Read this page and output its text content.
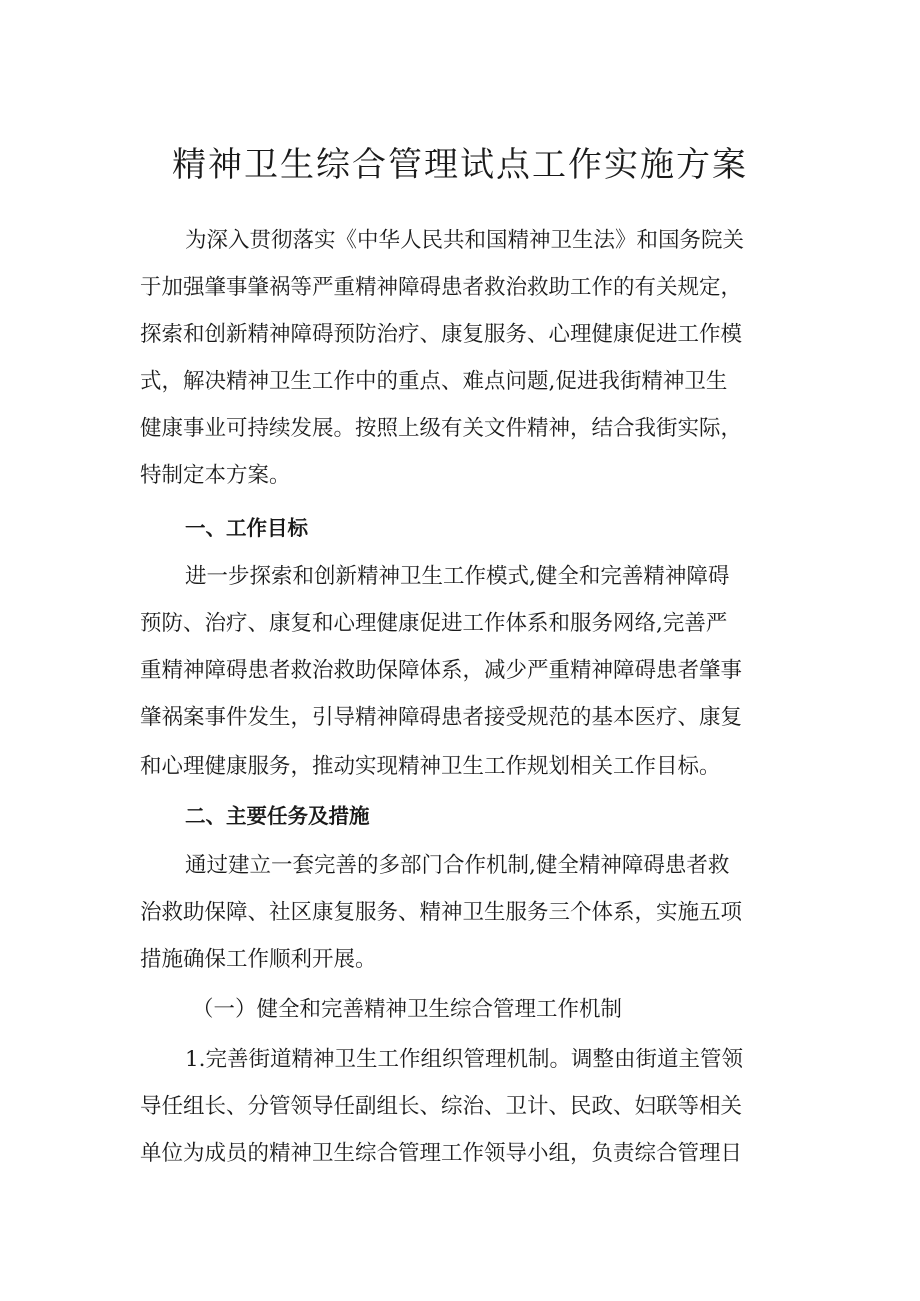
精神卫生综合管理试点工作实施方案
为深入贯彻落实《中华人民共和国精神卫生法》和国务院关
于加强肇事肇祸等严重精神障碍患者救治救助工作的有关规定，
探索和创新精神障碍预防治疗、康复服务、心理健康促进工作模
式，解决精神卫生工作中的重点、难点问题,促进我街精神卫生
健康事业可持续发展。按照上级有关文件精神，结合我街实际，
特制定本方案。
一、工作目标
进一步探索和创新精神卫生工作模式,健全和完善精神障碍
预防、治疗、康复和心理健康促进工作体系和服务网络,完善严
重精神障碍患者救治救助保障体系，减少严重精神障碍患者肇事
肇祸案事件发生，引导精神障碍患者接受规范的基本医疗、康复
和心理健康服务，推动实现精神卫生工作规划相关工作目标。
二、主要任务及措施
通过建立一套完善的多部门合作机制,健全精神障碍患者救
治救助保障、社区康复服务、精神卫生服务三个体系，实施五项
措施确保工作顺利开展。
（一）健全和完善精神卫生综合管理工作机制
1.完善街道精神卫生工作组织管理机制。调整由街道主管领
导任组长、分管领导任副组长、综治、卫计、民政、妇联等相关
单位为成员的精神卫生综合管理工作领导小组，负责综合管理日
